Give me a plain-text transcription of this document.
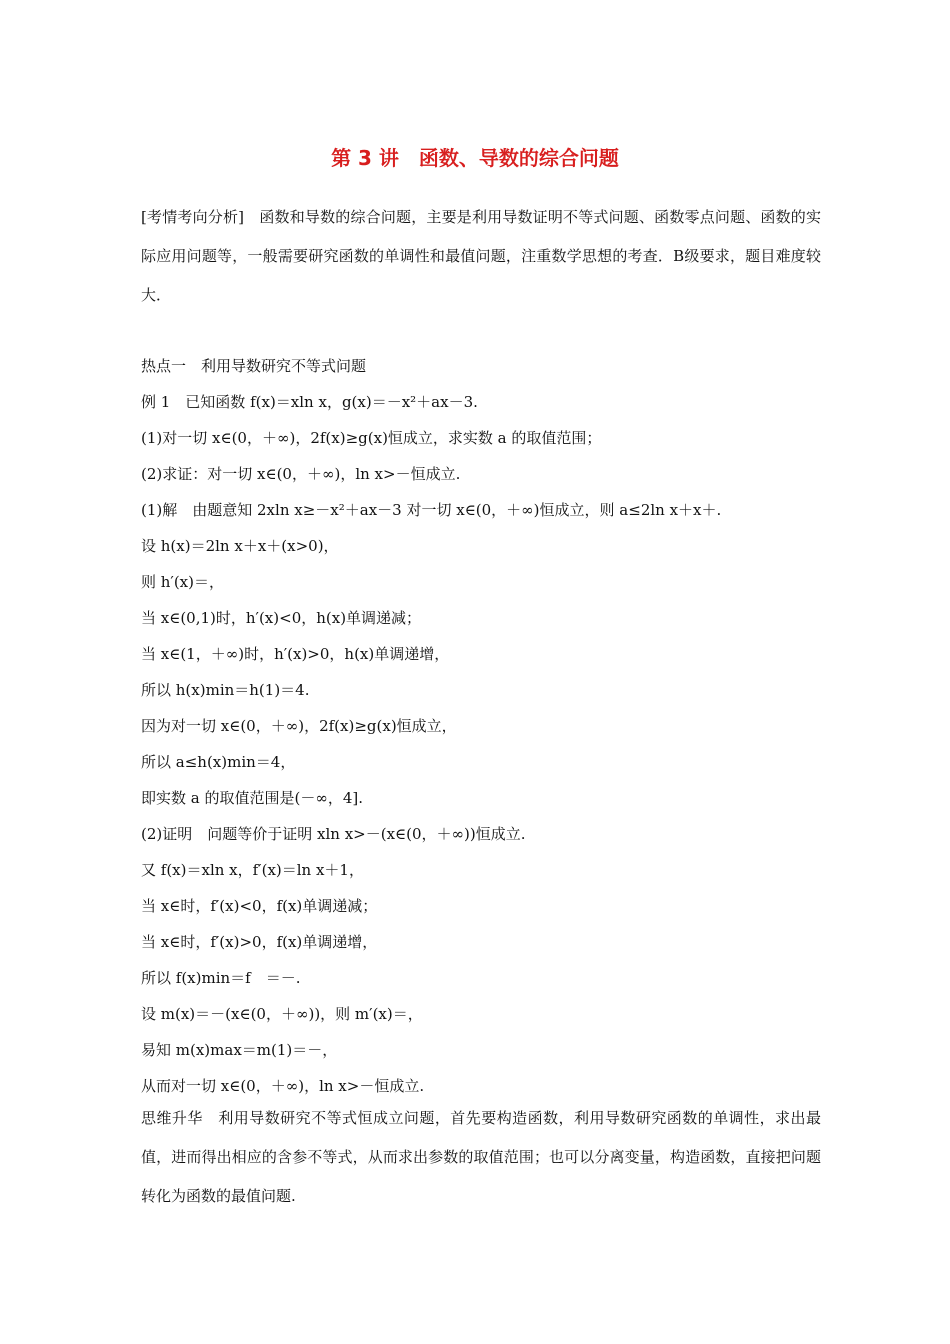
第 3 讲　函数、导数的综合问题
[考情考向分析]　函数和导数的综合问题，主要是利用导数证明不等式问题、函数零点问题、函数的实际应用问题等，一般需要研究函数的单调性和最值问题，注重数学思想的考查．B级要求，题目难度较大．
热点一　利用导数研究不等式问题
例 1　已知函数 f(x)＝xln x，g(x)＝－x²＋ax－3.
(1)对一切 x∈(0，＋∞)，2f(x)≥g(x)恒成立，求实数 a 的取值范围；
(2)求证：对一切 x∈(0，＋∞)，ln x>－恒成立.
(1)解　由题意知 2xln x≥－x²＋ax－3 对一切 x∈(0，＋∞)恒成立，则 a≤2ln x＋x＋.
设 h(x)＝2ln x＋x＋(x>0)，
则 h′(x)＝，
当 x∈(0,1)时，h′(x)<0，h(x)单调递减；
当 x∈(1，＋∞)时，h′(x)>0，h(x)单调递增，
所以 h(x)min＝h(1)＝4.
因为对一切 x∈(0，＋∞)，2f(x)≥g(x)恒成立，
所以 a≤h(x)min＝4，
即实数 a 的取值范围是(－∞，4].
(2)证明　问题等价于证明 xln x>－(x∈(0，＋∞))恒成立.
又 f(x)＝xln x，f′(x)＝ln x＋1，
当 x∈时，f′(x)<0，f(x)单调递减；
当 x∈时，f′(x)>0，f(x)单调递增，
所以 f(x)min＝f　＝－.
设 m(x)＝－(x∈(0，＋∞))，则 m′(x)＝，
易知 m(x)max＝m(1)＝－，
从而对一切 x∈(0，＋∞)，ln x>－恒成立.
思维升华　利用导数研究不等式恒成立问题，首先要构造函数，利用导数研究函数的单调性，求出最值，进而得出相应的含参不等式，从而求出参数的取值范围；也可以分离变量，构造函数，直接把问题转化为函数的最值问题.
